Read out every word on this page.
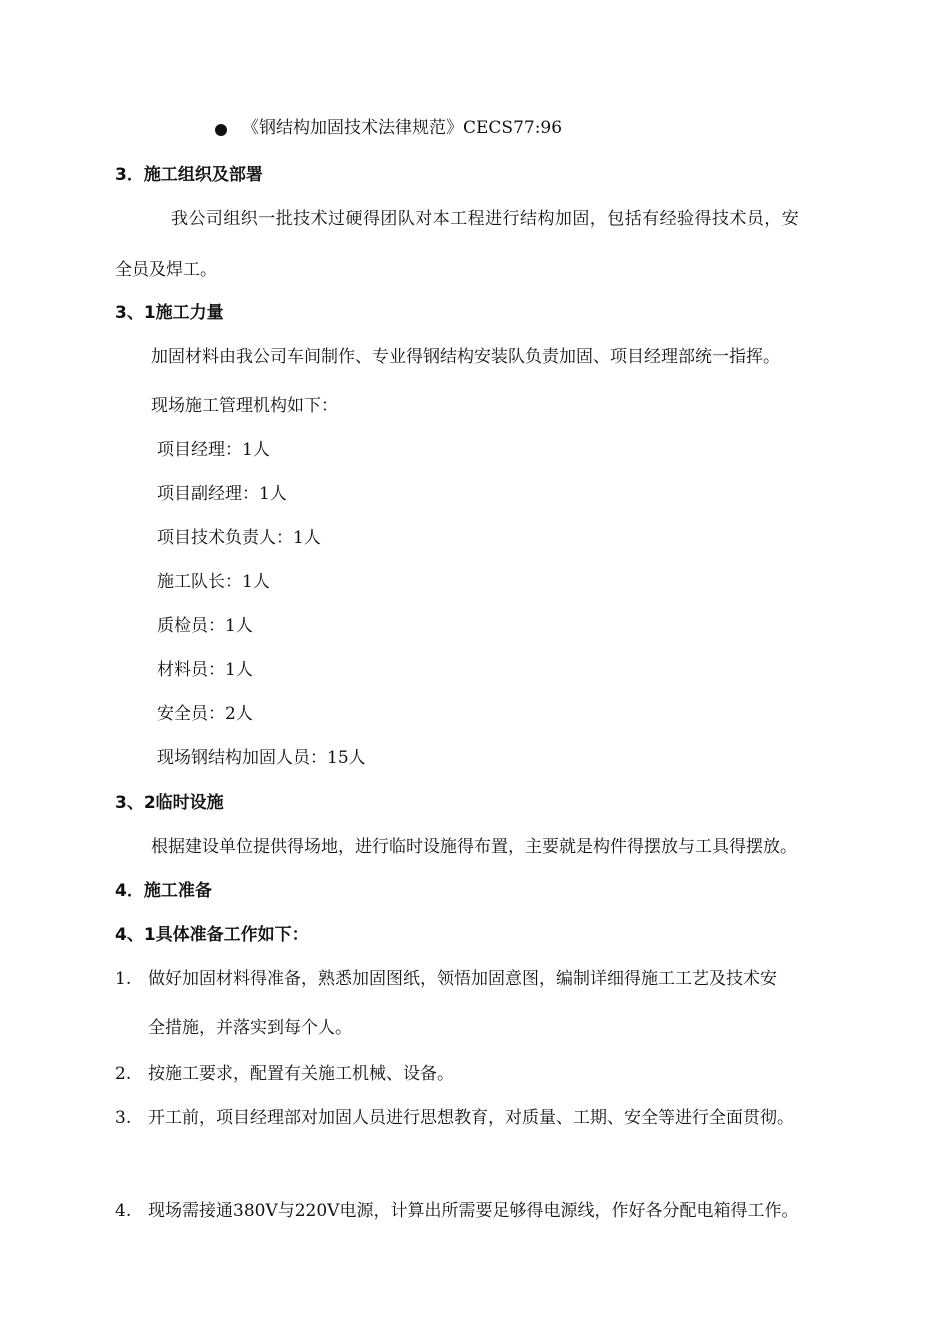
《钢结构加固技术法律规范》CECS77:96
3．施工组织及部署
我公司组织一批技术过硬得团队对本工程进行结构加固，包括有经验得技术员，安
全员及焊工。
3、1施工力量
加固材料由我公司车间制作、专业得钢结构安装队负责加固、项目经理部统一指挥。
现场施工管理机构如下：
项目经理：1人
项目副经理：1人
项目技术负责人：1人
施工队长：1人
质检员：1人
材料员：1人
安全员：2人
现场钢结构加固人员：15人
3、2临时设施
根据建设单位提供得场地，进行临时设施得布置，主要就是构件得摆放与工具得摆放。
4．施工准备
4、1具体准备工作如下：
1. 做好加固材料得准备，熟悉加固图纸，领悟加固意图，编制详细得施工工艺及技术安
全措施，并落实到每个人。
2. 按施工要求，配置有关施工机械、设备。
3. 开工前，项目经理部对加固人员进行思想教育，对质量、工期、安全等进行全面贯彻。
4. 现场需接通380V与220V电源，计算出所需要足够得电源线，作好各分配电箱得工作。
